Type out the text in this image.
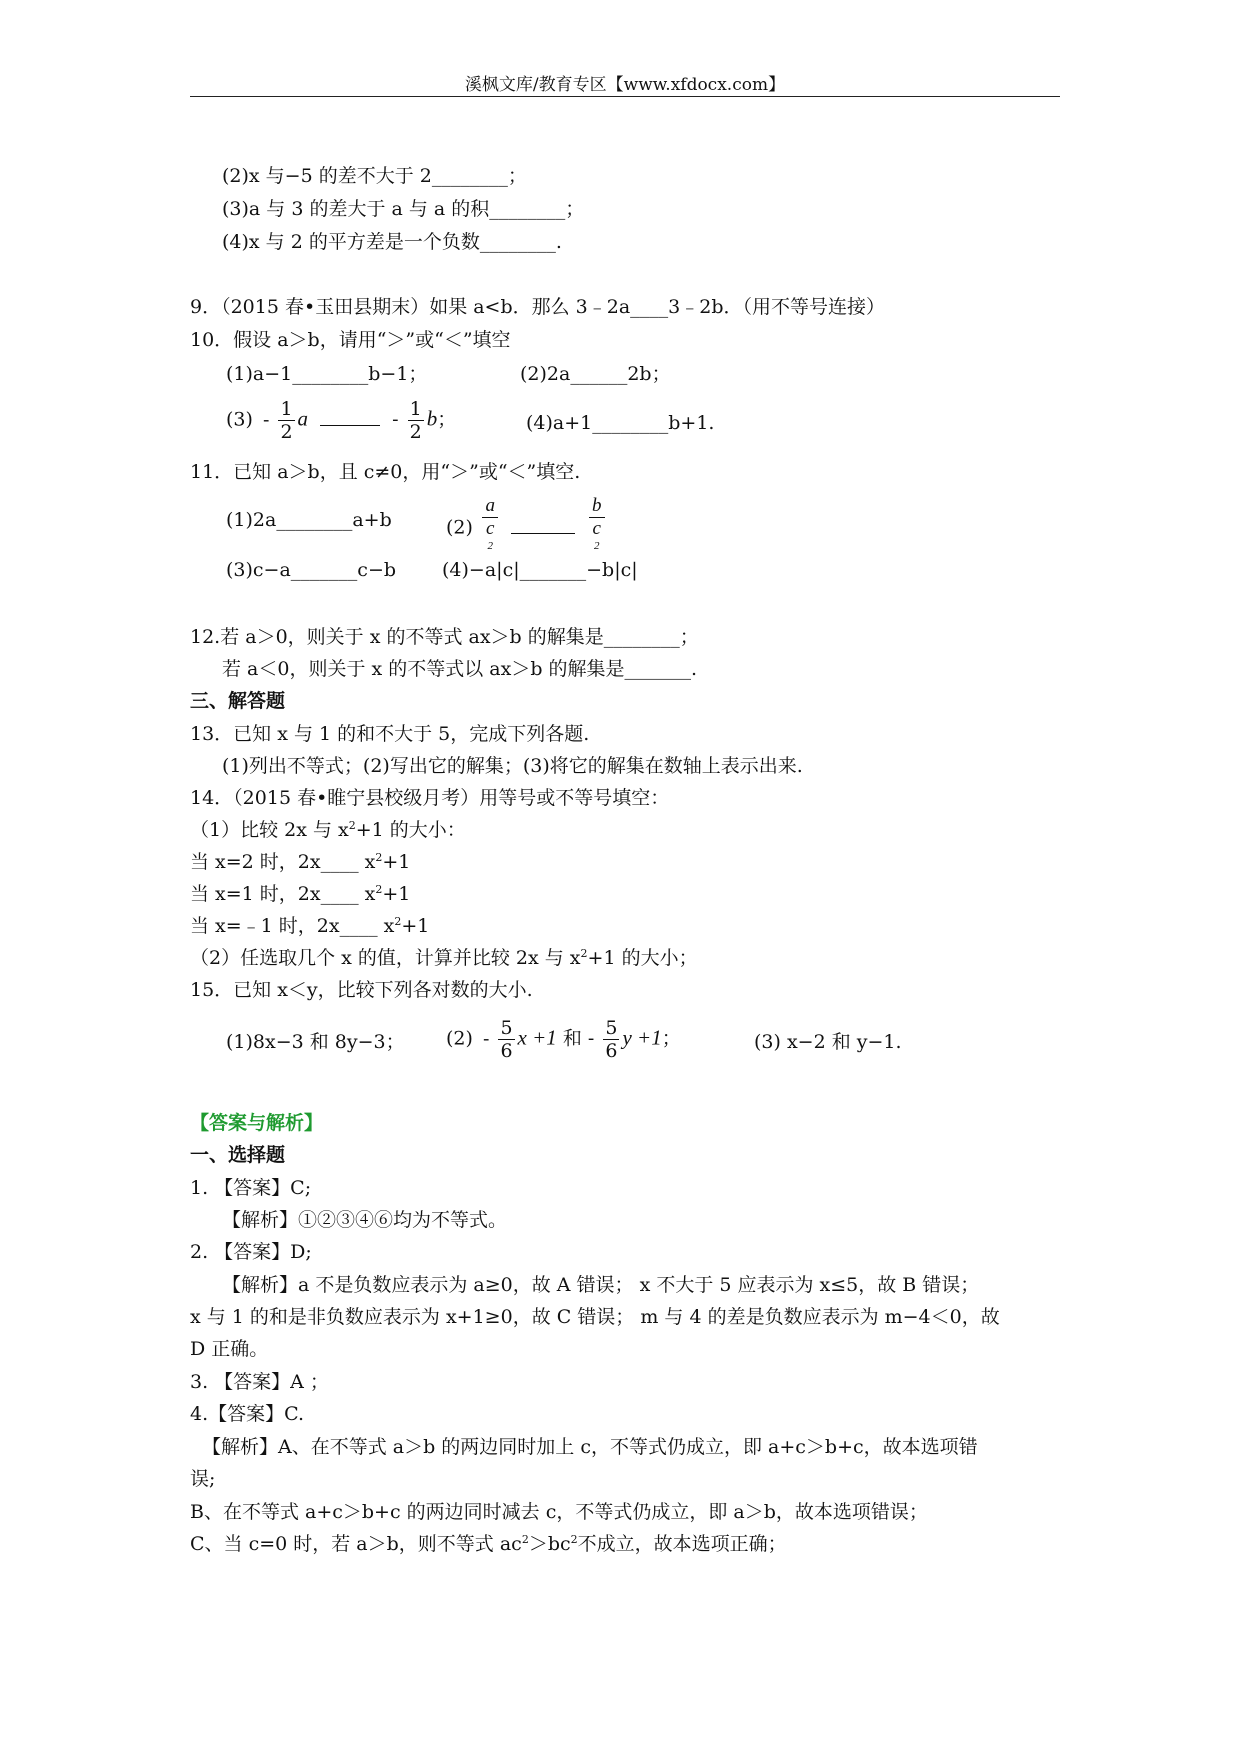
溪枫文库/教育专区【www.xfdocx.com】
(2)x 与−5 的差不大于 2________；
(3)a 与 3 的差大于 a 与 a 的积________；
(4)x 与 2 的平方差是一个负数________.
9．（2015 春•玉田县期末）如果 a<b．那么 3﹣2a____3﹣2b．（用不等号连接）
10．假设 a＞b，请用“＞”或“＜”填空
(1)a−1________b−1；	(2)2a______2b；
$(3) - \frac{1}{2}$ a	- $\frac{1}{2}$ b；	(4)a+1________b+1.
11．已知 a＞b，且 c≠0，用“＞”或“＜”填空.
(1)2a________a+b	(2) a
c
$^2$
	b
c
$^2$
(3)c−a_______c−b (4)−a|c|_______−b|c|
12.若 a＞0，则关于 x 的不等式 ax＞b 的解集是________；
若 a＜0，则关于 x 的不等式以 ax＞b 的解集是_______.
三、解答题
13．已知 x 与 1 的和不大于 5，完成下列各题.
(1)列出不等式；(2)写出它的解集；(3)将它的解集在数轴上表示出来.
14．（2015 春•睢宁县校级月考）用等号或不等号填空：
（1）比较 2x 与 $x^2+1$ 的大小：
当 x=2 时，2x____ $x^2+1$
当 x=1 时，2x____ $x^2+1$
当 x=﹣1 时，2x____ $x^2+1$
（2）任选取几个 x 的值，计算并比较 2x 与 $x^2+1$ 的大小；
15．已知 x＜y，比较下列各对数的大小.
(1)8x−3 和 8y−3； $(2) - \frac{5}{6}$ x +1 和 - $\frac{5}{6}$ y +1；	(3) x−2 和 y−1.
【答案与解析】
一、选择题
1. 【答案】C;
【解析】①②③④⑥均为不等式。
2. 【答案】D;
【解析】a 不是负数应表示为 a≥0，故 A 错误； x 不大于 5 应表示为 x≤5，故 B 错误；
x 与 1 的和是非负数应表示为 x+1≥0，故 C 错误； m 与 4 的差是负数应表示为 m−4＜0，故
D 正确。
3. 【答案】A ；
4.【答案】C.
【解析】A、在不等式 a＞b 的两边同时加上 c，不等式仍成立，即 a+c＞b+c，故本选项错
误;
B、在不等式 a+c＞b+c 的两边同时减去 c，不等式仍成立，即 a＞b，故本选项错误；
C、当 c=0 时，若 a＞b，则不等式 $ac^2>bc^2$不成立，故本选项正确；
